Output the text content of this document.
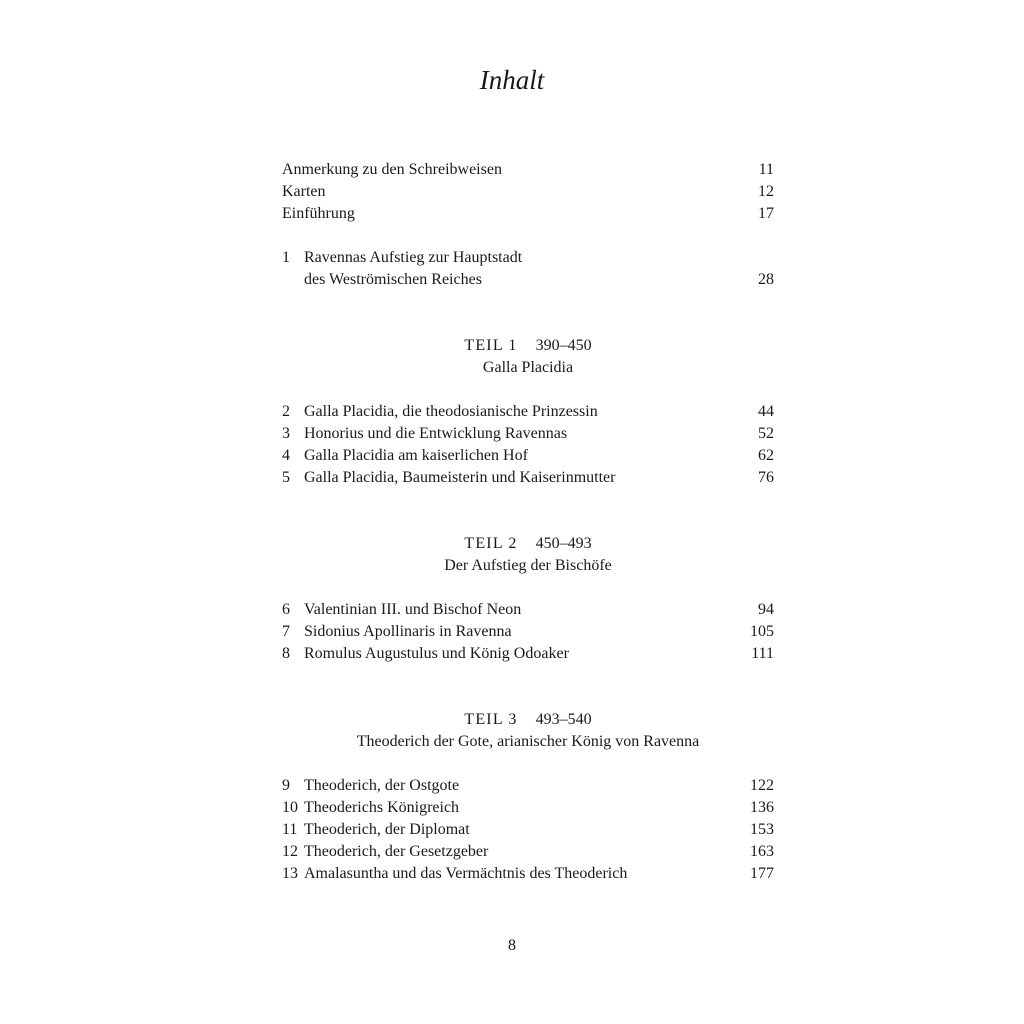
Inhalt
Anmerkung zu den Schreibweisen	11
Karten	12
Einführung	17
1 Ravennas Aufstieg zur Hauptstadt
des Weströmischen Reiches	28
TEIL 1 390–450
Galla Placidia
2 Galla Placidia, die theodosianische Prinzessin	44
3 Honorius und die Entwicklung Ravennas	52
4 Galla Placidia am kaiserlichen Hof	62
5 Galla Placidia, Baumeisterin und Kaiserinmutter	76
TEIL 2 450–493
Der Aufstieg der Bischöfe
6 Valentinian III. und Bischof Neon	94
7 Sidonius Apollinaris in Ravenna	105
8 Romulus Augustulus und König Odoaker	111
TEIL 3 493–540
Theoderich der Gote, arianischer König von Ravenna
9 Theoderich, der Ostgote	122
10 Theoderichs Königreich	136
11 Theoderich, der Diplomat	153
12 Theoderich, der Gesetzgeber	163
13 Amalasuntha und das Vermächtnis des Theoderich	177
8
